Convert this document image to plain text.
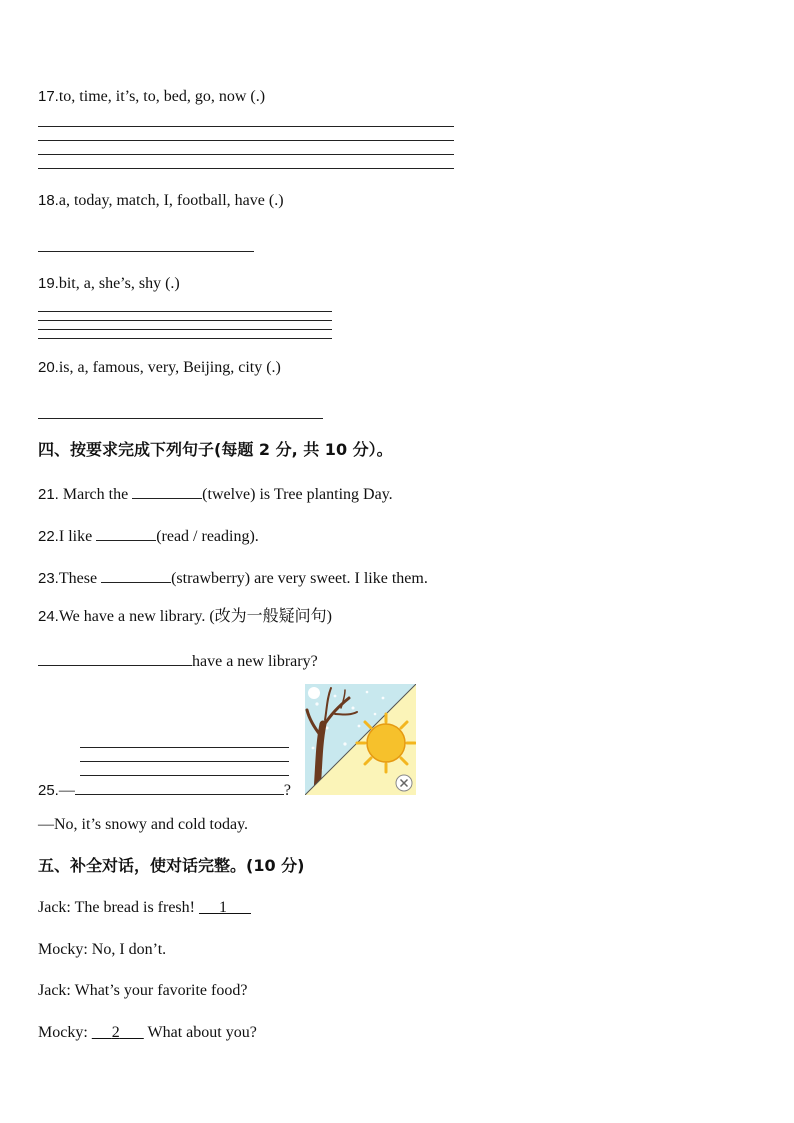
17.to, time, it’s, to, bed, go, now (.)
18.a, today, match, I, football, have (.)
19.bit, a, she’s, shy (.)
20.is, a, famous, very, Beijing, city (.)
四、按要求完成下列句子(每题 2 分, 共 10 分）。
21. March the	(twelve) is Tree planting Day.
22.I like	(read / reading).
23.These	(strawberry) are very sweet. I like them.
24.We have a new library. (改为一般疑问句)
have a new library?
25.—	?
—No, it’s snowy and cold today.
五、补全对话，使对话完整。(10 分)
Jack: The bread is fresh!      1
Mocky: No, I don’t.
Jack: What’s your favorite food?
Mocky: 2       What about you?
